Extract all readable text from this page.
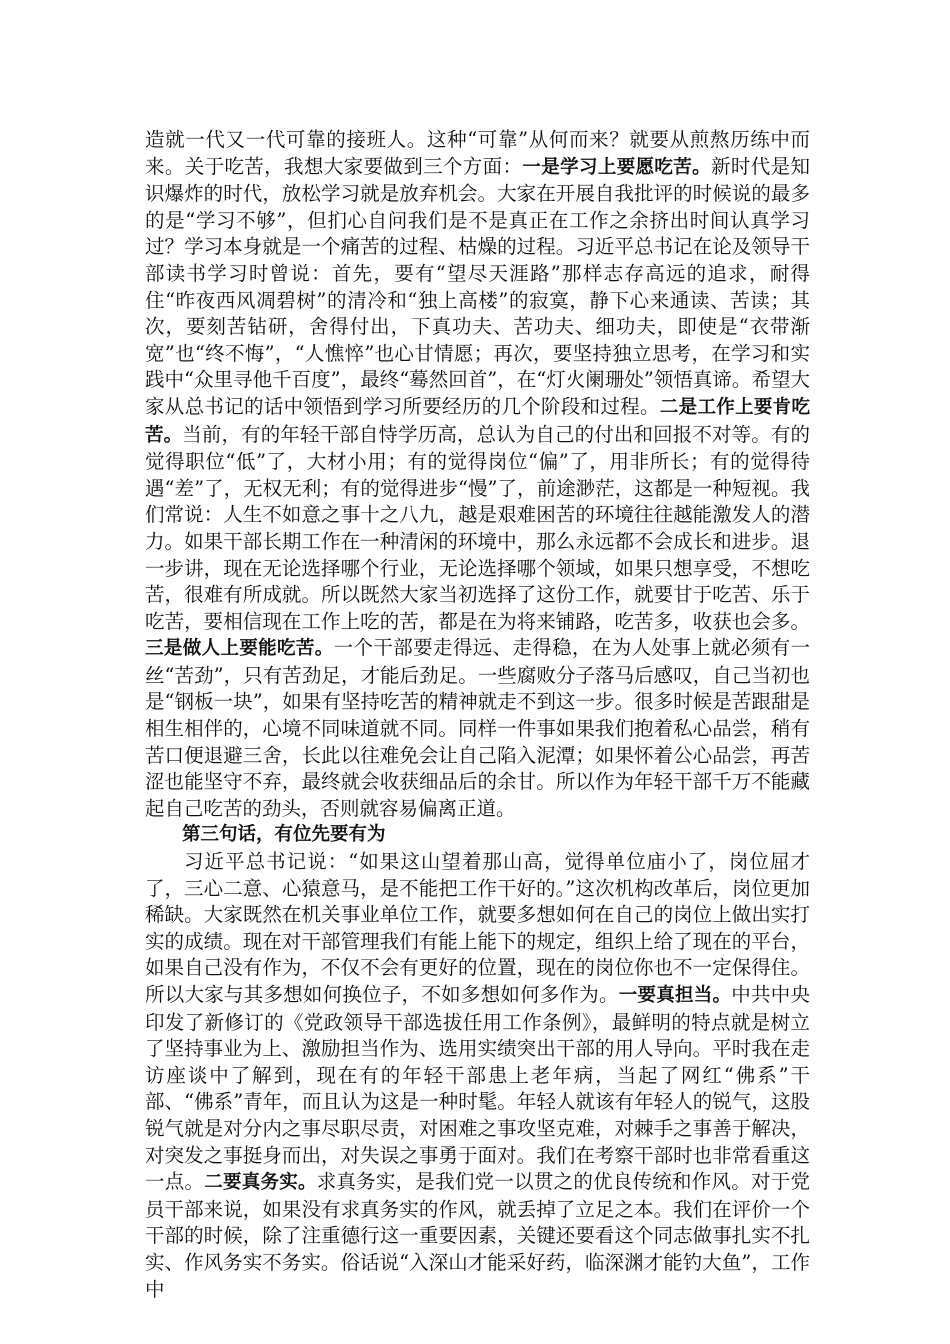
造就一代又一代可靠的接班人。这种“可靠”从何而来？就要从煎熬历练中而来。关于吃苦，我想大家要做到三个方面：一是学习上要愿吃苦。新时代是知识爆炸的时代，放松学习就是放弃机会。大家在开展自我批评的时候说的最多的是“学习不够”，但扪心自问我们是不是真正在工作之余挤出时间认真学习过？学习本身就是一个痛苦的过程、枯燥的过程。习近平总书记在论及领导干部读书学习时曾说：首先，要有“望尽天涯路”那样志存高远的追求，耐得住“昨夜西风凋碧树”的清冷和“独上高楼”的寂寞，静下心来通读、苦读；其次，要刻苦钻研，舍得付出，下真功夫、苦功夫、细功夫，即使是“衣带渐宽”也“终不悔”，“人憔悴”也心甘情愿；再次，要坚持独立思考，在学习和实践中“众里寻他千百度”，最终“蓦然回首”，在“灯火阑珊处”领悟真谛。希望大家从总书记的话中领悟到学习所要经历的几个阶段和过程。二是工作上要肯吃苦。当前，有的年轻干部自恃学历高，总认为自己的付出和回报不对等。有的觉得职位“低”了，大材小用；有的觉得岗位“偏”了，用非所长；有的觉得待遇“差”了，无权无利；有的觉得进步“慢”了，前途渺茫，这都是一种短视。我们常说：人生不如意之事十之八九，越是艰难困苦的环境往往越能激发人的潜力。如果干部长期工作在一种清闲的环境中，那么永远都不会成长和进步。退一步讲，现在无论选择哪个行业，无论选择哪个领域，如果只想享受，不想吃苦，很难有所成就。所以既然大家当初选择了这份工作，就要甘于吃苦、乐于吃苦，要相信现在工作上吃的苦，都是在为将来铺路，吃苦多，收获也会多。三是做人上要能吃苦。一个干部要走得远、走得稳，在为人处事上就必须有一丝“苦劲”，只有苦劲足，才能后劲足。一些腐败分子落马后感叹，自己当初也是“钢板一块”，如果有坚持吃苦的精神就走不到这一步。很多时候是苦跟甜是相生相伴的，心境不同味道就不同。同样一件事如果我们抱着私心品尝，稍有苦口便退避三舍，长此以往难免会让自己陷入泥潭；如果怀着公心品尝，再苦涩也能坚守不弃，最终就会收获细品后的余甘。所以作为年轻干部千万不能藏起自己吃苦的劲头，否则就容易偏离正道。

第三句话，有位先要有为

习近平总书记说：“如果这山望着那山高，觉得单位庙小了，岗位屈才了，三心二意、心猿意马，是不能把工作干好的。”这次机构改革后，岗位更加稀缺。大家既然在机关事业单位工作，就要多想如何在自己的岗位上做出实打实的成绩。现在对干部管理我们有能上能下的规定，组织上给了现在的平台，如果自己没有作为，不仅不会有更好的位置，现在的岗位你也不一定保得住。所以大家与其多想如何换位子，不如多想如何多作为。一要真担当。中共中央印发了新修订的《党政领导干部选拔任用工作条例》，最鲜明的特点就是树立了坚持事业为上、激励担当作为、选用实绩突出干部的用人导向。平时我在走访座谈中了解到，现在有的年轻干部患上老年病，当起了网红“佛系”干部、“佛系”青年，而且认为这是一种时髦。年轻人就该有年轻人的锐气，这股锐气就是对分内之事尽职尽责，对困难之事攻坚克难，对棘手之事善于解决，对突发之事挺身而出，对失误之事勇于面对。我们在考察干部时也非常看重这一点。二要真务实。求真务实，是我们党一以贯之的优良传统和作风。对于党员干部来说，如果没有求真务实的作风，就丢掉了立足之本。我们在评价一个干部的时候，除了注重德行这一重要因素，关键还要看这个同志做事扎实不扎实、作风务实不务实。俗话说“入深山才能采好药，临深渊才能钓大鱼”，工作中
